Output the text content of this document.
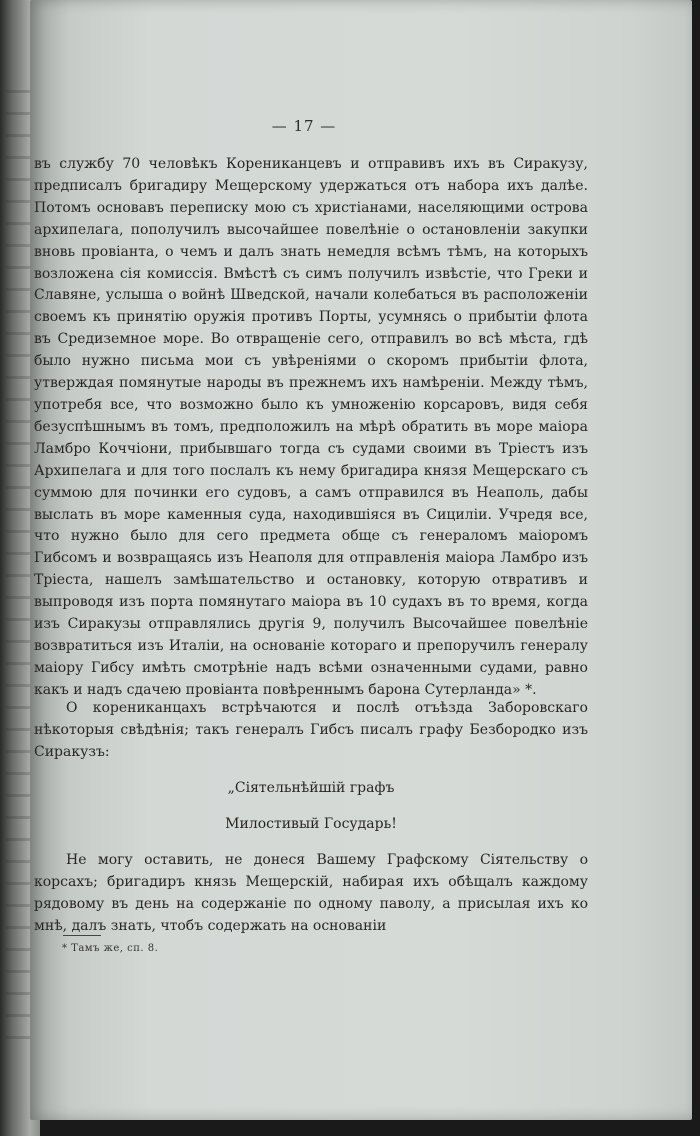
— 17 —

въ службу 70 человѣкъ Корениканцевъ и отправивъ ихъ въ Сиракузу, предписалъ бригадиру Мещерскому удержаться отъ набора ихъ далѣе. Потомъ основавъ переписку мою съ христіанами, населяющими острова архипелага, пополучилъ высочайшее повелѣніе о остановленіи закупки вновь провіанта, о чемъ и далъ знать немедля всѣмъ тѣмъ, на которыхъ возложена сія комиссія. Вмѣстѣ съ симъ получилъ извѣстіе, что Греки и Славяне, услыша о войнѣ Шведской, начали колебаться въ расположеніи своемъ къ принятію оружія противъ Порты, усумнясь о прибытіи флота въ Средиземное море. Во отвращеніе сего, отправилъ во всѣ мѣста, гдѣ было нужно письма мои съ увѣреніями о скоромъ прибытіи флота, утверждая помянутые народы въ прежнемъ ихъ намѣреніи. Между тѣмъ, употребя все, что возможно было къ умноженію корсаровъ, видя себя безуспѣшнымъ въ томъ, предположилъ на мѣрѣ обратить въ море маіора Ламбро Коччіони, прибывшаго тогда съ судами своими въ Тріестъ изъ Архипелага и для того послалъ къ нему бригадира князя Мещерскаго съ суммою для починки его судовъ, а самъ отправился въ Неаполь, дабы выслать въ море каменныя суда, находившіяся въ Сициліи. Учредя все, что нужно было для сего предмета обще съ генераломъ маіоромъ Гибсомъ и возвращаясь изъ Неаполя для отправленія маіора Ламбро изъ Тріеста, нашелъ замѣшательство и остановку, которую отвративъ и выпроводя изъ порта помянутаго маіора въ 10 судахъ въ то время, когда изъ Сиракузы отправлялись другія 9, получилъ Высочайшее повелѣніе возвратиться изъ Италіи, на основаніе котораго и препоручилъ генералу маіору Гибсу имѣть смотрѣніе надъ всѣми означенными судами, равно какъ и надъ сдачею провіанта повѣреннымъ барона Сутерланда» *.

О корениканцахъ встрѣчаются и послѣ отъѣзда Заборовскаго нѣкоторыя свѣдѣнія; такъ генералъ Гибсъ писалъ графу Безбородко изъ Сиракузъ:

„Сіятельнѣйшій графъ
Милостивый Государь!

Не могу оставить, не донеся Вашему Графскому Сіятельству о корсахъ; бригадиръ князь Мещерскій, набирая ихъ обѣщалъ каждому рядовому въ день на содержаніе по одному паволу, а присылая ихъ ко мнѣ, далъ знать, чтобъ содержать на основаніи

* Тамъ же, сп. 8.
